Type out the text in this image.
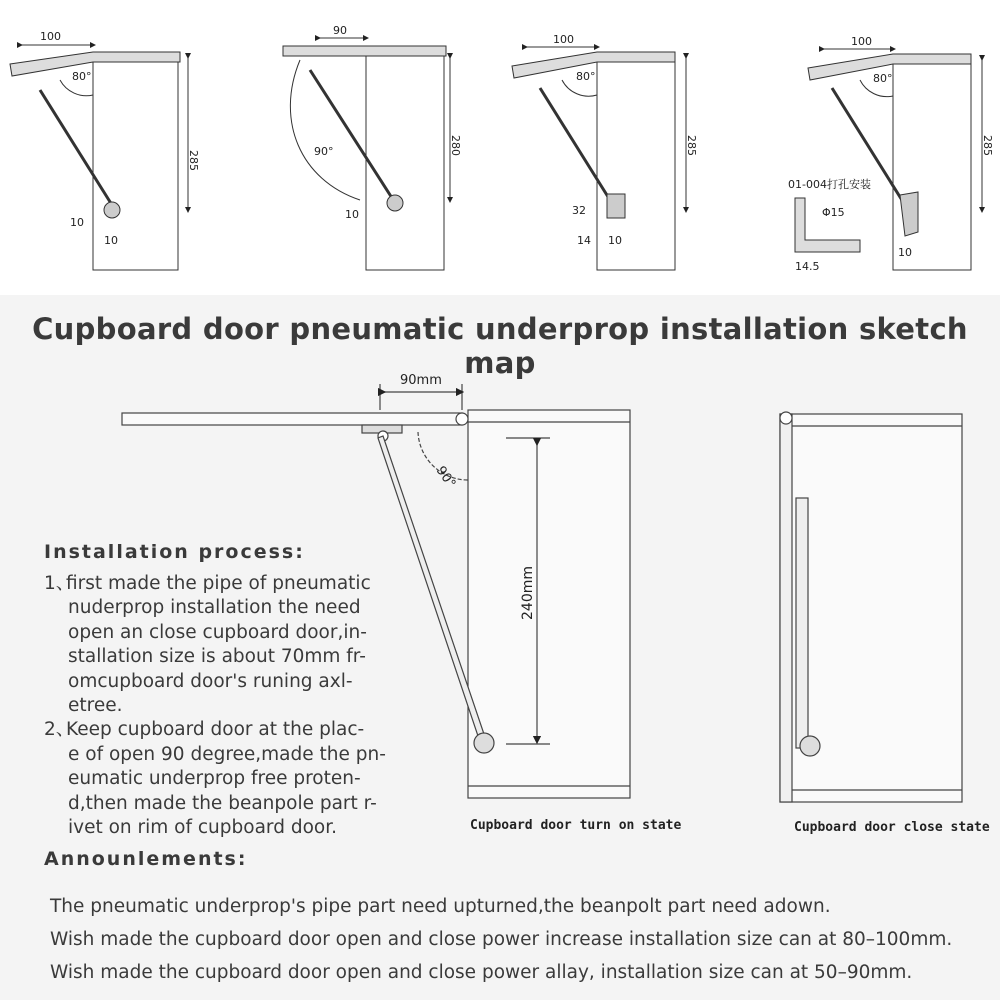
100
80°
285
10
10
90
90°	280
10
100
80°
285
32
14 10
100
80°
285
01-004打孔安装
Φ15
10
14.5
Cupboard door pneumatic underprop installation sketch map
90mm
90°
240mm
Cupboard door turn on state	Cupboard door close state
Installation process:
1、first made the pipe of pneumatic
nuderprop installation the need
open an close cupboard door,in-
stallation size is about 70mm fr-
omcupboard door's runing axl-
etree.
2、Keep cupboard door at the plac-
e of open 90 degree,made the pn-
eumatic underprop free proten-
d,then made the beanpole part r-
ivet on rim of cupboard door.
Announlements:
The pneumatic underprop's pipe part need upturned,the beanpolt part need adown.
Wish made the cupboard door open and close power increase installation size can at 80–100mm.
Wish made the cupboard door open and close power allay, installation size can at 50–90mm.
